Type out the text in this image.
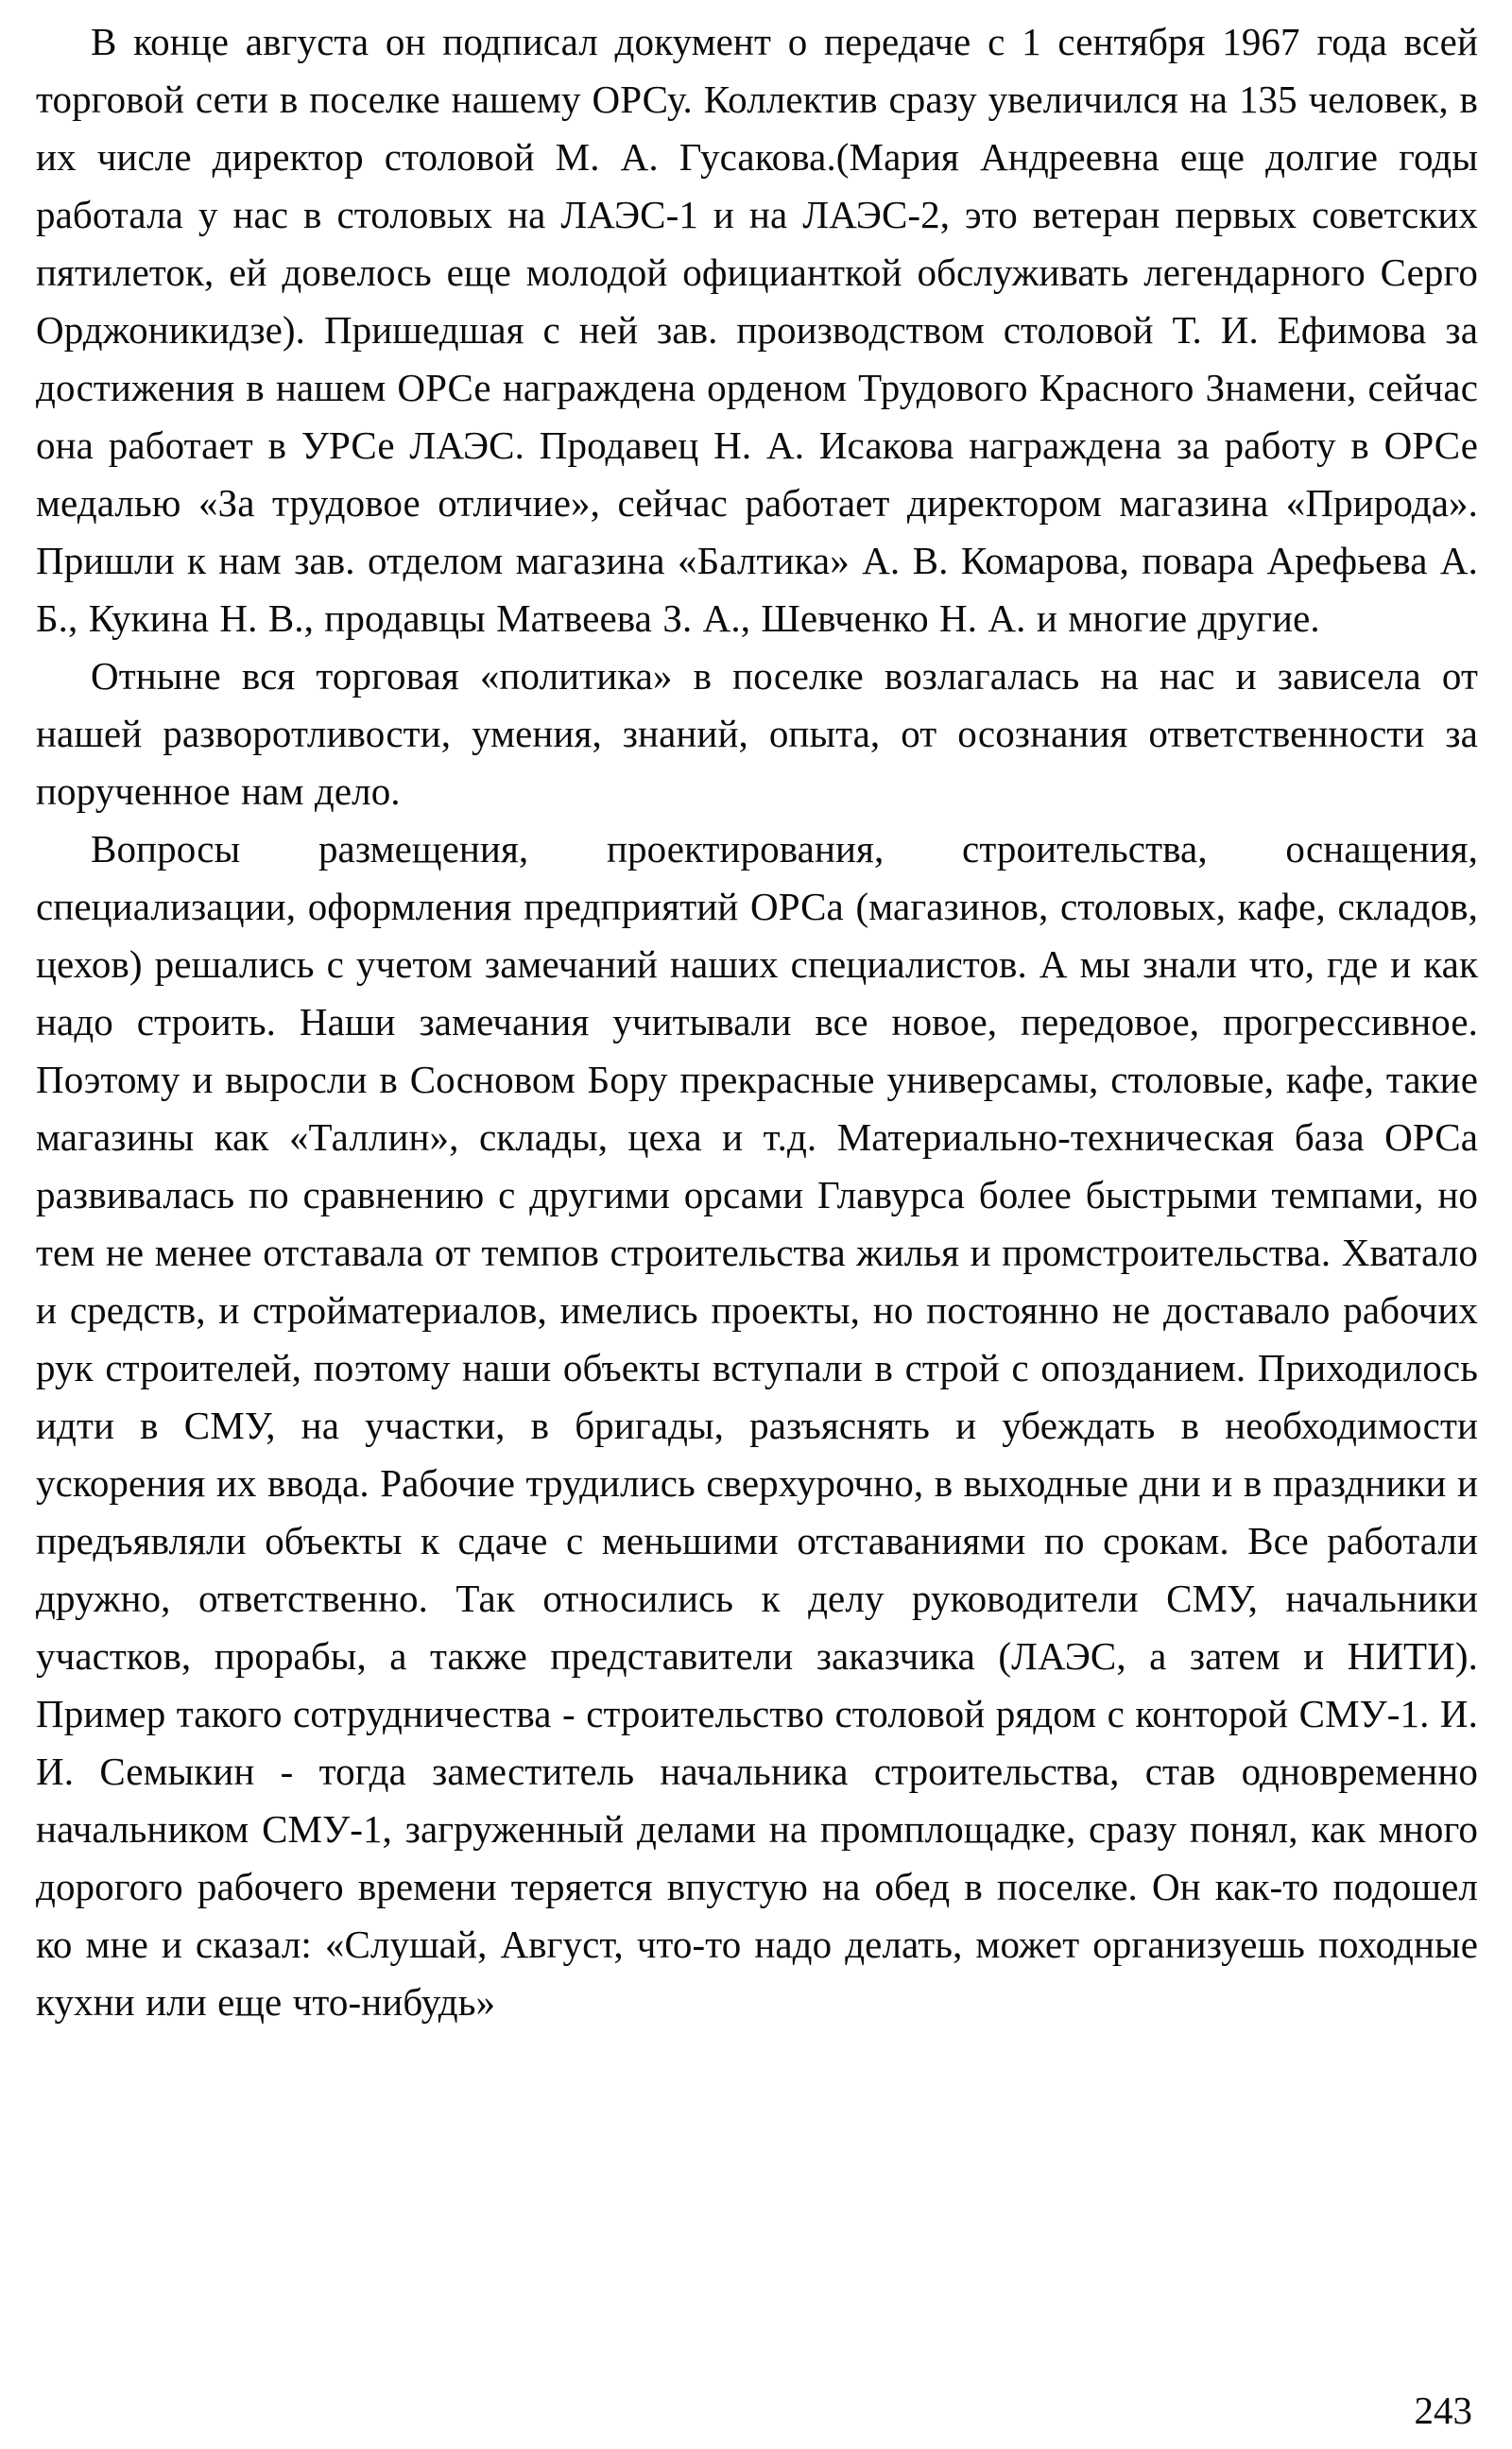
В конце августа он подписал документ о передаче с 1 сентября 1967 года всей торговой сети в поселке нашему ОРСу. Коллектив сразу увеличился на 135 человек, в их числе директор столовой М. А. Гусакова.(Мария Андреевна еще долгие годы работала у нас в столовых на ЛАЭС-1 и на ЛАЭС-2, это ветеран первых советских пятилеток, ей довелось еще молодой официанткой обслуживать легендарного Серго Орджоникидзе). Пришедшая с ней зав. производством столовой Т. И. Ефимова за достижения в нашем ОРСе награждена орденом Трудового Красного Знамени, сейчас она работает в УРСе ЛАЭС. Продавец Н. А. Исакова награждена за работу в ОРСе медалью «За трудовое отличие», сейчас работает директором магазина «Природа». Пришли к нам зав. отделом магазина «Балтика» А. В. Комарова, повара Арефьева А. Б., Кукина Н. В., продавцы Матвеева З. А., Шевченко Н. А. и многие другие.

Отныне вся торговая «политика» в поселке возлагалась на нас и зависела от нашей разворотливости, умения, знаний, опыта, от осознания ответственности за порученное нам дело.

Вопросы размещения, проектирования, строительства, оснащения, специализации, оформления предприятий ОРСа (магазинов, столовых, кафе, складов, цехов) решались с учетом замечаний наших специалистов. А мы знали что, где и как надо строить. Наши замечания учитывали все новое, передовое, прогрессивное. Поэтому и выросли в Сосновом Бору прекрасные универсамы, столовые, кафе, такие магазины как «Таллин», склады, цеха и т.д. Материально-техническая база ОРСа развивалась по сравнению с другими орсами Главурса более быстрыми темпами, но тем не менее отставала от темпов строительства жилья и промстроительства. Хватало и средств, и стройматериалов, имелись проекты, но постоянно не доставало рабочих рук строителей, поэтому наши объекты вступали в строй с опозданием. Приходилось идти в СМУ, на участки, в бригады, разъяснять и убеждать в необходимости ускорения их ввода. Рабочие трудились сверхурочно, в выходные дни и в праздники и предъявляли объекты к сдаче с меньшими отставаниями по срокам. Все работали дружно, ответственно. Так относились к делу руководители СМУ, начальники участков, прорабы, а также представители заказчика (ЛАЭС, а затем и НИТИ). Пример такого сотрудничества - строительство столовой рядом с конторой СМУ-1. И. И. Семыкин - тогда заместитель начальника строительства, став одновременно начальником СМУ-1, загруженный делами на промплощадке, сразу понял, как много дорогого рабочего времени теряется впустую на обед в поселке. Он как-то подошел ко мне и сказал: «Слушай, Август, что-то надо делать, может организуешь походные кухни или еще что-нибудь»

243
